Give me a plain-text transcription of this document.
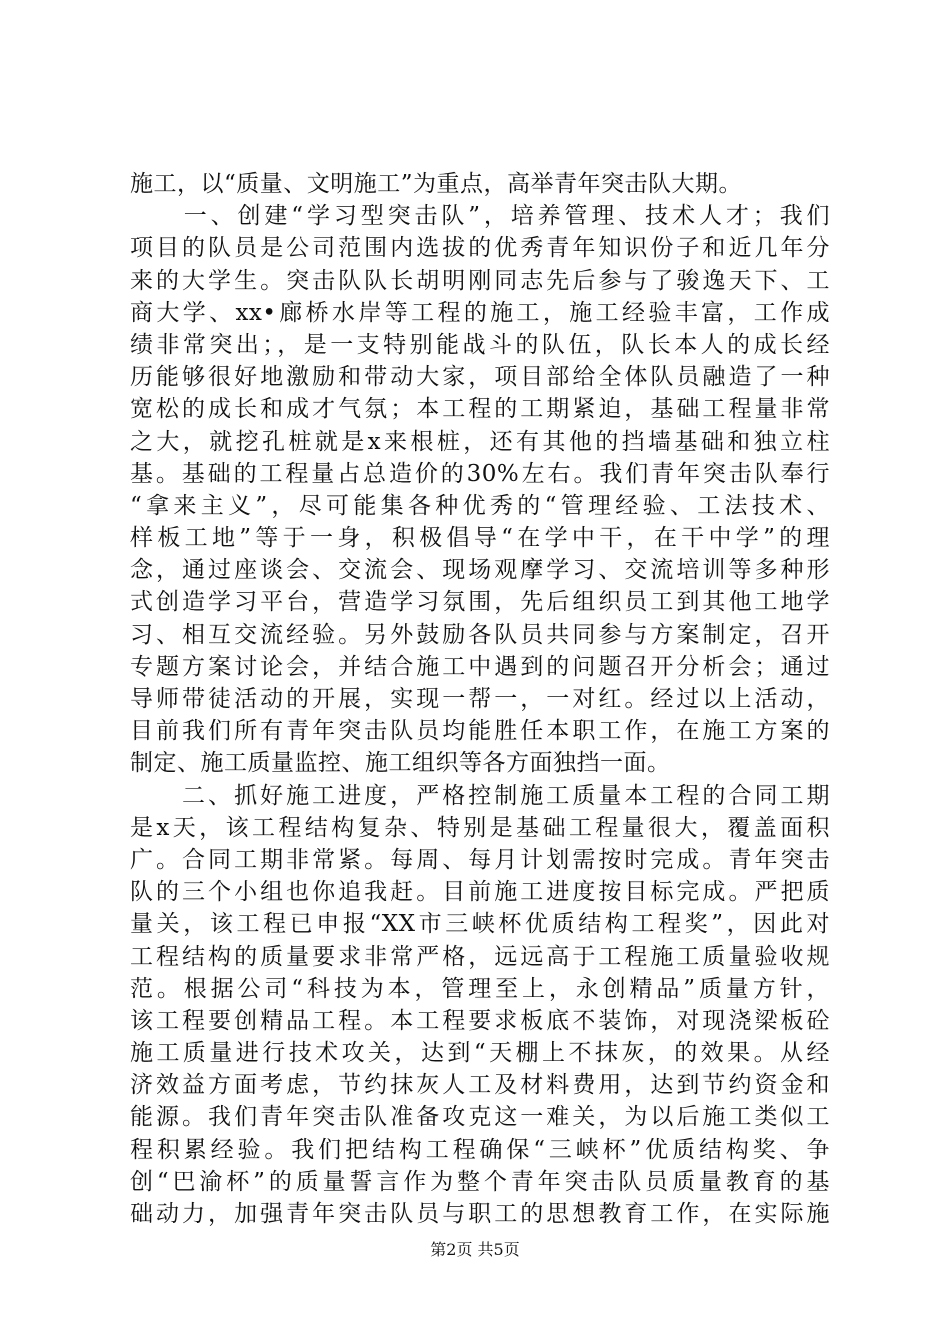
施工，以“质量、文明施工”为重点，高举青年突击队大期。
　　一、创建“学习型突击队”，培养管理、技术人才；我们
项目的队员是公司范围内选拔的优秀青年知识份子和近几年分
来的大学生。突击队队长胡明刚同志先后参与了骏逸天下、工
商大学、xx•廊桥水岸等工程的施工，施工经验丰富，工作成
绩非常突出；，是一支特别能战斗的队伍，队长本人的成长经
历能够很好地激励和带动大家，项目部给全体队员融造了一种
宽松的成长和成才气氛；本工程的工期紧迫，基础工程量非常
之大，就挖孔桩就是x来根桩，还有其他的挡墙基础和独立柱
基。基础的工程量占总造价的30%左右。我们青年突击队奉行
“拿来主义”，尽可能集各种优秀的“管理经验、工法技术、
样板工地”等于一身，积极倡导“在学中干，在干中学”的理
念，通过座谈会、交流会、现场观摩学习、交流培训等多种形
式创造学习平台，营造学习氛围，先后组织员工到其他工地学
习、相互交流经验。另外鼓励各队员共同参与方案制定，召开
专题方案讨论会，并结合施工中遇到的问题召开分析会；通过
导师带徒活动的开展，实现一帮一，一对红。经过以上活动，
目前我们所有青年突击队员均能胜任本职工作，在施工方案的
制定、施工质量监控、施工组织等各方面独挡一面。
　　二、抓好施工进度，严格控制施工质量本工程的合同工期
是x天，该工程结构复杂、特别是基础工程量很大，覆盖面积
广。合同工期非常紧。每周、每月计划需按时完成。青年突击
队的三个小组也你追我赶。目前施工进度按目标完成。严把质
量关，该工程已申报“XX市三峡杯优质结构工程奖”，因此对
工程结构的质量要求非常严格，远远高于工程施工质量验收规
范。根据公司“科技为本，管理至上，永创精品”质量方针，
该工程要创精品工程。本工程要求板底不装饰，对现浇梁板砼
施工质量进行技术攻关，达到“天棚上不抹灰，的效果。从经
济效益方面考虑，节约抹灰人工及材料费用，达到节约资金和
能源。我们青年突击队准备攻克这一难关，为以后施工类似工
程积累经验。我们把结构工程确保“三峡杯”优质结构奖、争
创“巴渝杯”的质量誓言作为整个青年突击队员质量教育的基
础动力，加强青年突击队员与职工的思想教育工作，在实际施
第2页 共5页
